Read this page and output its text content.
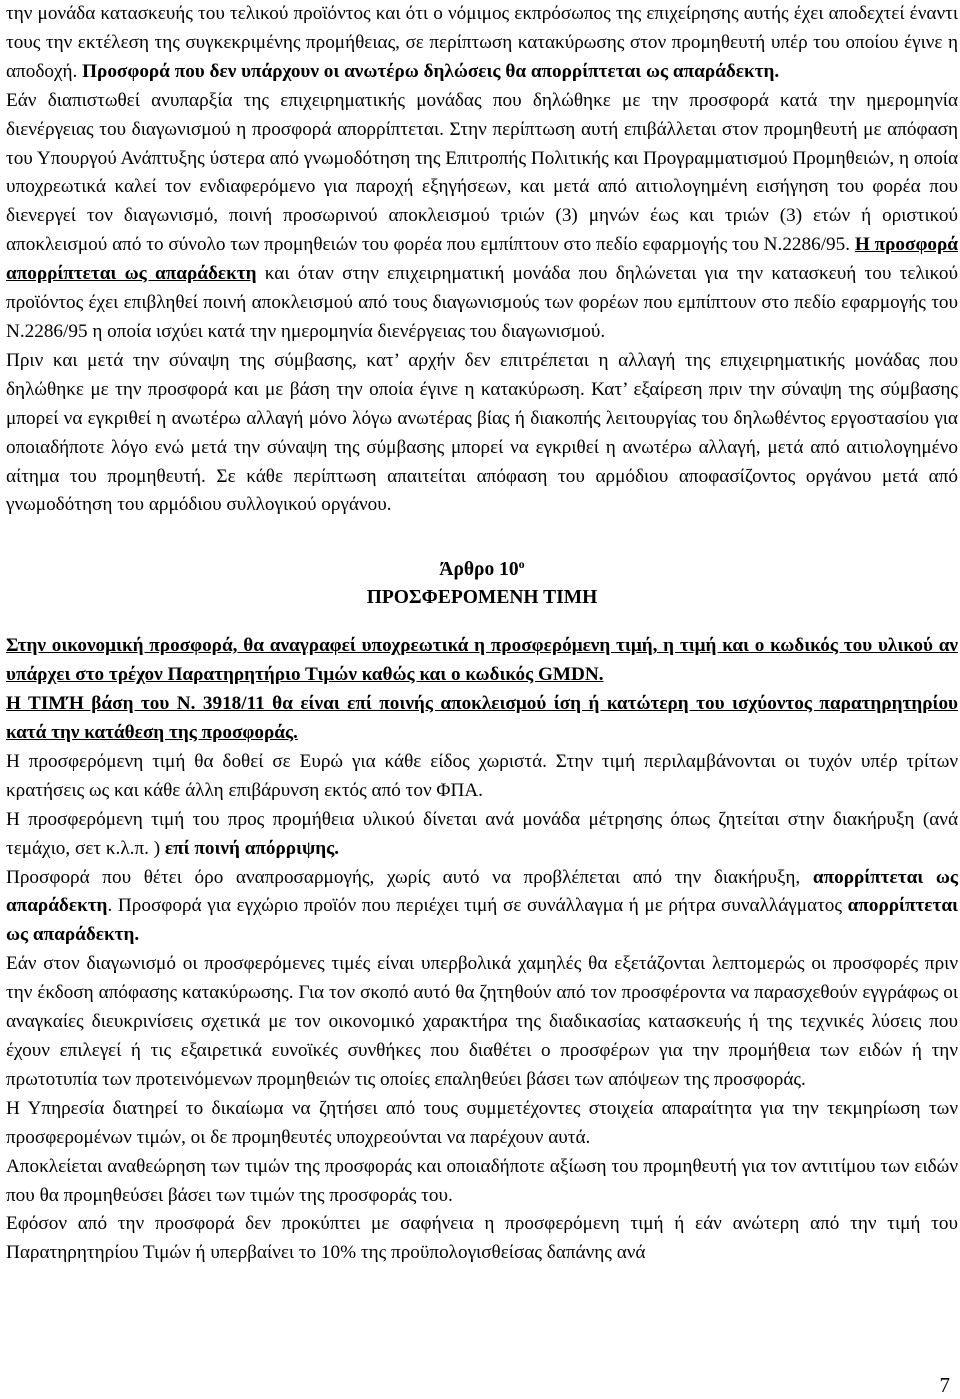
την μονάδα κατασκευής του τελικού προϊόντος και ότι ο νόμιμος εκπρόσωπος της επιχείρησης αυτής έχει αποδεχτεί έναντι τους την εκτέλεση της συγκεκριμένης προμήθειας, σε περίπτωση κατακύρωσης στον προμηθευτή υπέρ του οποίου έγινε η αποδοχή. Προσφορά που δεν υπάρχουν οι ανωτέρω δηλώσεις θα απορρίπτεται ως απαράδεκτη.

Εάν διαπιστωθεί ανυπαρξία της επιχειρηματικής μονάδας που δηλώθηκε με την προσφορά κατά την ημερομηνία διενέργειας του διαγωνισμού η προσφορά απορρίπτεται. Στην περίπτωση αυτή επιβάλλεται στον προμηθευτή με απόφαση του Υπουργού Ανάπτυξης ύστερα από γνωμοδότηση της Επιτροπής Πολιτικής και Προγραμματισμού Προμηθειών, η οποία υποχρεωτικά καλεί τον ενδιαφερόμενο για παροχή εξηγήσεων, και μετά από αιτιολογημένη εισήγηση του φορέα που διενεργεί τον διαγωνισμό, ποινή προσωρινού αποκλεισμού τριών (3) μηνών έως και τριών (3) ετών ή οριστικού αποκλεισμού από το σύνολο των προμηθειών του φορέα που εμπίπτουν στο πεδίο εφαρμογής του Ν.2286/95. Η προσφορά απορρίπτεται ως απαράδεκτη και όταν στην επιχειρηματική μονάδα που δηλώνεται για την κατασκευή του τελικού προϊόντος έχει επιβληθεί ποινή αποκλεισμού από τους διαγωνισμούς των φορέων που εμπίπτουν στο πεδίο εφαρμογής του Ν.2286/95 η οποία ισχύει κατά την ημερομηνία διενέργειας του διαγωνισμού.

Πριν και μετά την σύναψη της σύμβασης, κατ’ αρχήν δεν επιτρέπεται η αλλαγή της επιχειρηματικής μονάδας που δηλώθηκε με την προσφορά και με βάση την οποία έγινε η κατακύρωση. Κατ’ εξαίρεση πριν την σύναψη της σύμβασης μπορεί να εγκριθεί η ανωτέρω αλλαγή μόνο λόγω ανωτέρας βίας ή διακοπής λειτουργίας του δηλωθέντος εργοστασίου για οποιαδήποτε λόγο ενώ μετά την σύναψη της σύμβασης μπορεί να εγκριθεί η ανωτέρω αλλαγή, μετά από αιτιολογημένο αίτημα του προμηθευτή. Σε κάθε περίπτωση απαιτείται απόφαση του αρμόδιου αποφασίζοντος οργάνου μετά από γνωμοδότηση του αρμόδιου συλλογικού οργάνου.

Άρθρο $10^o$
ΠΡΟΣΦΕΡΟΜΕΝΗ ΤΙΜΗ

Στην οικονομική προσφορά, θα αναγραφεί υποχρεωτικά η προσφερόμενη τιμή, η τιμή και ο κωδικός του υλικού αν υπάρχει στο τρέχον Παρατηρητήριο Τιμών καθώς και ο κωδικός GMDN.

Η ΤΙΜΉ βάση του Ν. 3918/11 θα είναι επί ποινής αποκλεισμού ίση ή κατώτερη του ισχύοντος παρατηρητηρίου κατά την κατάθεση της προσφοράς.

Η προσφερόμενη τιμή θα δοθεί σε Ευρώ για κάθε είδος χωριστά. Στην τιμή περιλαμβάνονται οι τυχόν υπέρ τρίτων κρατήσεις ως και κάθε άλλη επιβάρυνση εκτός από τον ΦΠΑ.

Η προσφερόμενη τιμή του προς προμήθεια υλικού δίνεται ανά μονάδα μέτρησης όπως ζητείται στην διακήρυξη (ανά τεμάχιο, σετ κ.λ.π. ) επί ποινή απόρριψης.

Προσφορά που θέτει όρο αναπροσαρμογής, χωρίς αυτό να προβλέπεται από την διακήρυξη, απορρίπτεται ως απαράδεκτη. Προσφορά για εγχώριο προϊόν που περιέχει τιμή σε συνάλλαγμα ή με ρήτρα συναλλάγματος απορρίπτεται ως απαράδεκτη.

Εάν στον διαγωνισμό οι προσφερόμενες τιμές είναι υπερβολικά χαμηλές θα εξετάζονται λεπτομερώς οι προσφορές πριν την έκδοση απόφασης κατακύρωσης. Για τον σκοπό αυτό θα ζητηθούν από τον προσφέροντα να παρασχεθούν εγγράφως οι αναγκαίες διευκρινίσεις σχετικά με τον οικονομικό χαρακτήρα της διαδικασίας κατασκευής ή της τεχνικές λύσεις που έχουν επιλεγεί ή τις εξαιρετικά ευνοϊκές συνθήκες που διαθέτει ο προσφέρων για την προμήθεια των ειδών ή την πρωτοτυπία των προτεινόμενων προμηθειών τις οποίες επαληθεύει βάσει των απόψεων της προσφοράς.

Η Υπηρεσία διατηρεί το δικαίωμα να ζητήσει από τους συμμετέχοντες στοιχεία απαραίτητα για την τεκμηρίωση των προσφερομένων τιμών, οι δε προμηθευτές υποχρεούνται να παρέχουν αυτά.

Αποκλείεται αναθεώρηση των τιμών της προσφοράς και οποιαδήποτε αξίωση του προμηθευτή για τον αντιτίμου των ειδών που θα προμηθεύσει βάσει των τιμών της προσφοράς του.

Εφόσον από την προσφορά δεν προκύπτει με σαφήνεια η προσφερόμενη τιμή ή εάν ανώτερη από την τιμή του Παρατηρητηρίου Τιμών ή υπερβαίνει το 10% της προϋπολογισθείσας δαπάνης ανά

7
